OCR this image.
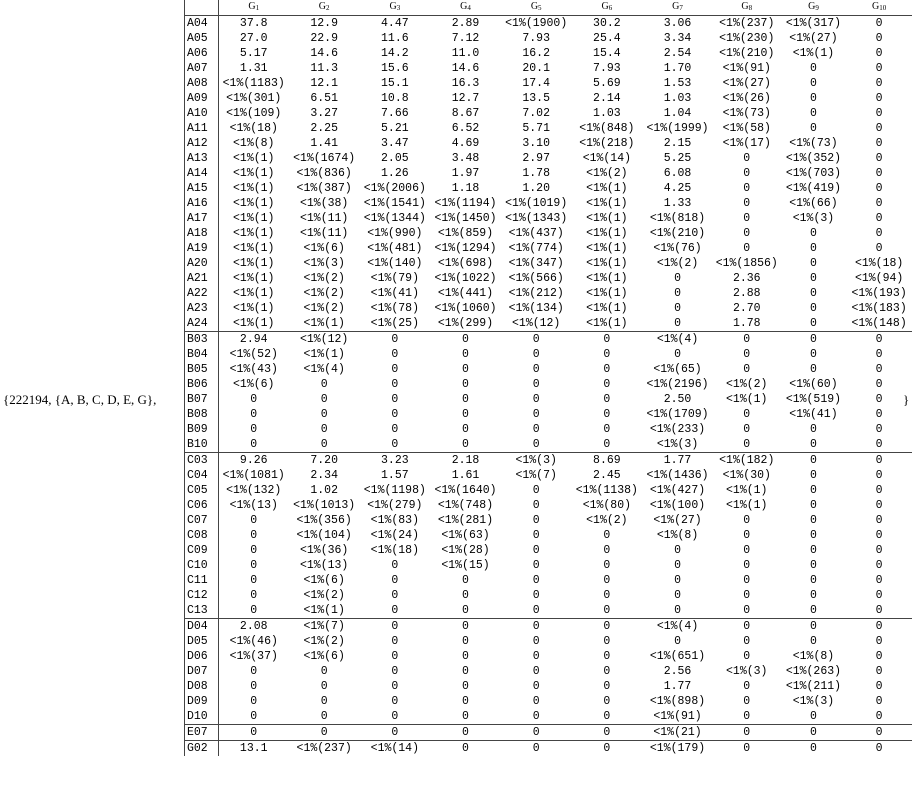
{222194, {A, B, C, D, E, G},
	$G_1$	$G_2$	$G_3$	$G_4$	$G_5$	$G_6$	$G_7$	$G_8$	$G_9$	$G_{10}$
A04	37.8	12.9	4.47	2.89	<1%(1900)	30.2	3.06	<1%(237)	<1%(317)	0
A05	27.0	22.9	11.6	7.12	7.93	25.4	3.34	<1%(230)	<1%(27)	0
A06	5.17	14.6	14.2	11.0	16.2	15.4	2.54	<1%(210)	<1%(1)	0
A07	1.31	11.3	15.6	14.6	20.1	7.93	1.70	<1%(91)	0	0
A08	<1%(1183)	12.1	15.1	16.3	17.4	5.69	1.53	<1%(27)	0	0
A09	<1%(301)	6.51	10.8	12.7	13.5	2.14	1.03	<1%(26)	0	0
A10	<1%(109)	3.27	7.66	8.67	7.02	1.03	1.04	<1%(73)	0	0
A11	<1%(18)	2.25	5.21	6.52	5.71	<1%(848)	<1%(1999)	<1%(58)	0	0
A12	<1%(8)	1.41	3.47	4.69	3.10	<1%(218)	2.15	<1%(17)	<1%(73)	0
A13	<1%(1)	<1%(1674)	2.05	3.48	2.97	<1%(14)	5.25	0	<1%(352)	0
A14	<1%(1)	<1%(836)	1.26	1.97	1.78	<1%(2)	6.08	0	<1%(703)	0
A15	<1%(1)	<1%(387)	<1%(2006)	1.18	1.20	<1%(1)	4.25	0	<1%(419)	0
A16	<1%(1)	<1%(38)	<1%(1541)	<1%(1194)	<1%(1019)	<1%(1)	1.33	0	<1%(66)	0
A17	<1%(1)	<1%(11)	<1%(1344)	<1%(1450)	<1%(1343)	<1%(1)	<1%(818)	0	<1%(3)	0
A18	<1%(1)	<1%(11)	<1%(990)	<1%(859)	<1%(437)	<1%(1)	<1%(210)	0	0	0
A19	<1%(1)	<1%(6)	<1%(481)	<1%(1294)	<1%(774)	<1%(1)	<1%(76)	0	0	0
A20	<1%(1)	<1%(3)	<1%(140)	<1%(698)	<1%(347)	<1%(1)	<1%(2)	<1%(1856)	0	<1%(18)
A21	<1%(1)	<1%(2)	<1%(79)	<1%(1022)	<1%(566)	<1%(1)	0	2.36	0	<1%(94)
A22	<1%(1)	<1%(2)	<1%(41)	<1%(441)	<1%(212)	<1%(1)	0	2.88	0	<1%(193)
A23	<1%(1)	<1%(2)	<1%(78)	<1%(1060)	<1%(134)	<1%(1)	0	2.70	0	<1%(183)
A24	<1%(1)	<1%(1)	<1%(25)	<1%(299)	<1%(12)	<1%(1)	0	1.78	0	<1%(148)
B03	2.94	<1%(12)	0	0	0	0	<1%(4)	0	0	0
B04	<1%(52)	<1%(1)	0	0	0	0	0	0	0	0
B05	<1%(43)	<1%(4)	0	0	0	0	<1%(65)	0	0	0
B06	<1%(6)	0	0	0	0	0	<1%(2196)	<1%(2)	<1%(60)	0
B07	0	0	0	0	0	0	2.50	<1%(1)	<1%(519)	0
B08	0	0	0	0	0	0	<1%(1709)	0	<1%(41)	0
B09	0	0	0	0	0	0	<1%(233)	0	0	0
B10	0	0	0	0	0	0	<1%(3)	0	0	0
C03	9.26	7.20	3.23	2.18	<1%(3)	8.69	1.77	<1%(182)	0	0
C04	<1%(1081)	2.34	1.57	1.61	<1%(7)	2.45	<1%(1436)	<1%(30)	0	0
C05	<1%(132)	1.02	<1%(1198)	<1%(1640)	0	<1%(1138)	<1%(427)	<1%(1)	0	0
C06	<1%(13)	<1%(1013)	<1%(279)	<1%(748)	0	<1%(80)	<1%(100)	<1%(1)	0	0
C07	0	<1%(356)	<1%(83)	<1%(281)	0	<1%(2)	<1%(27)	0	0	0
C08	0	<1%(104)	<1%(24)	<1%(63)	0	0	<1%(8)	0	0	0
C09	0	<1%(36)	<1%(18)	<1%(28)	0	0	0	0	0	0
C10	0	<1%(13)	0	<1%(15)	0	0	0	0	0	0
C11	0	<1%(6)	0	0	0	0	0	0	0	0
C12	0	<1%(2)	0	0	0	0	0	0	0	0
C13	0	<1%(1)	0	0	0	0	0	0	0	0
D04	2.08	<1%(7)	0	0	0	0	<1%(4)	0	0	0
D05	<1%(46)	<1%(2)	0	0	0	0	0	0	0	0
D06	<1%(37)	<1%(6)	0	0	0	0	<1%(651)	0	<1%(8)	0
D07	0	0	0	0	0	0	2.56	<1%(3)	<1%(263)	0
D08	0	0	0	0	0	0	1.77	0	<1%(211)	0
D09	0	0	0	0	0	0	<1%(898)	0	<1%(3)	0
D10	0	0	0	0	0	0	<1%(91)	0	0	0
E07	0	0	0	0	0	0	<1%(21)	0	0	0
G02	13.1	<1%(237)	<1%(14)	0	0	0	<1%(179)	0	0	0
}
